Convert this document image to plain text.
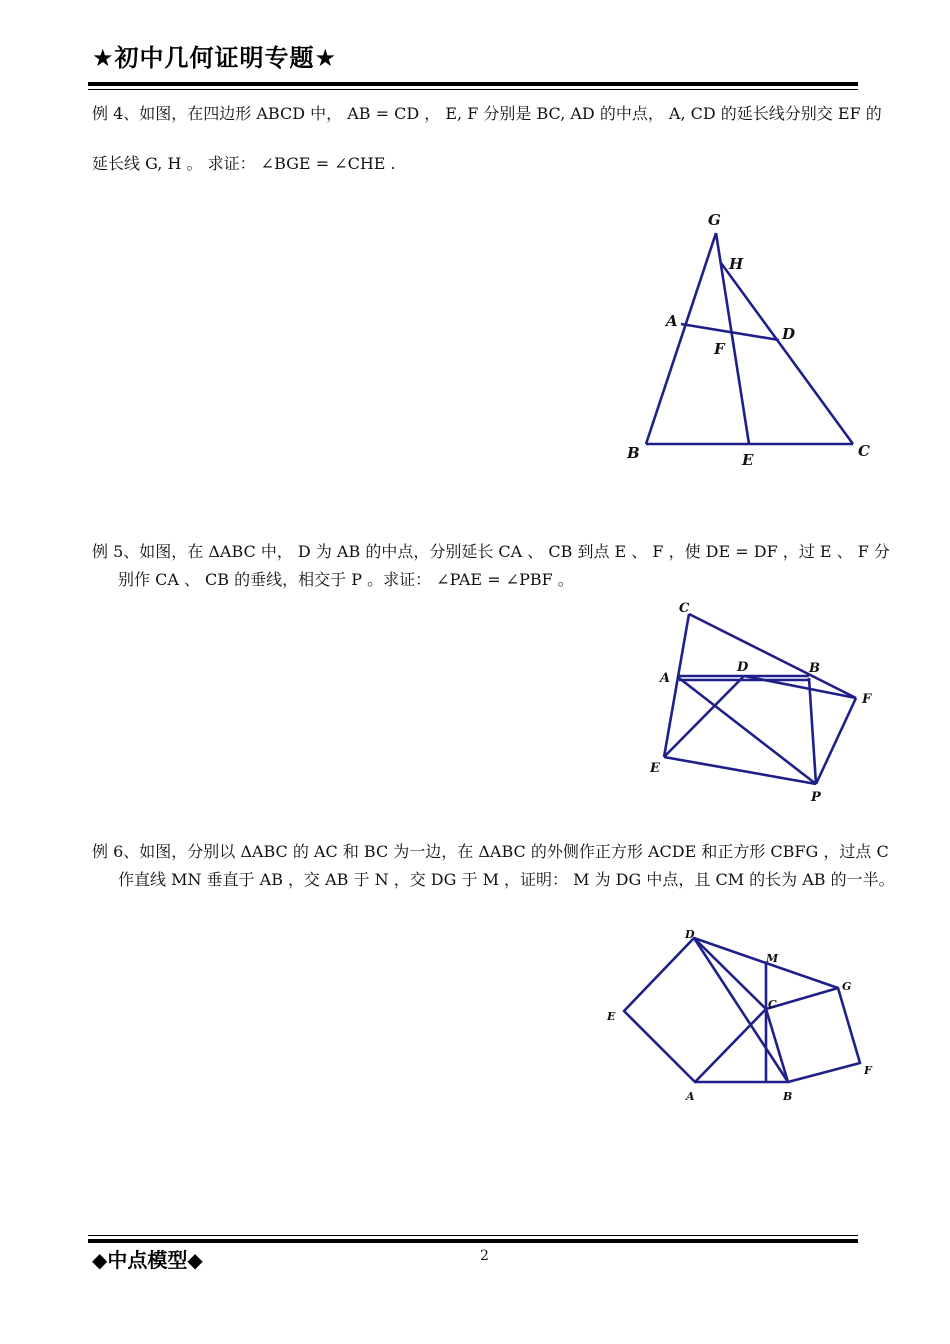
★初中几何证明专题★
例 4、如图，在四边形 ABCD 中， AB = CD ， E, F 分别是 BC, AD 的中点， A, CD 的延长线分别交 EF 的
延长线 G, H 。 求证： ∠BGE = ∠CHE .
G
H
A
D
F
B	E	C
例 5、如图，在 ΔABC 中， D 为 AB 的中点，分别延长 CA 、 CB 到点 E 、 F ，使 DE = DF ，过 E 、 F 分
别作 CA 、 CB 的垂线，相交于 P 。求证： ∠PAE = ∠PBF 。
C
A
D	B
F
E
P
例 6、如图，分别以 ΔABC 的 AC 和 BC 为一边，在 ΔABC 的外侧作正方形 ACDE 和正方形 CBFG ，过点 C
作直线 MN 垂直于 AB ，交 AB 于 N ，交 DG 于 M ，证明： M 为 DG 中点，且 CM 的长为 AB 的一半。
D
M
G
C
E
F
A	B
◆中点模型◆	2
